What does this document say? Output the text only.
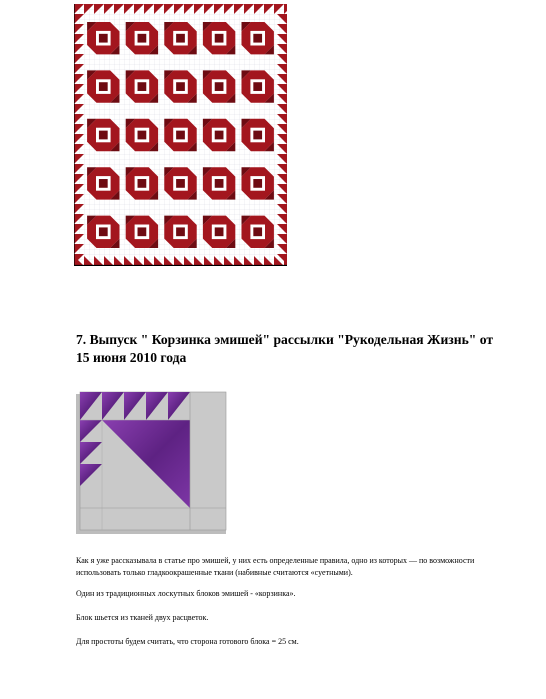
7. Выпуск " Корзинка эмишей" рассылки "Рукодельная Жизнь" от 15 июня 2010 года

Как я уже рассказывала в статье про эмишей, у них есть определенные правила, одно из которых — по возможности использовать только гладкоокрашенные ткани (набивные считаются «суетными).

Один из традиционных лоскутных блоков эмишей - «корзинка».

Блок шьется из тканей двух расцветок.

Для простоты будем считать, что сторона готового блока = 25 см.
